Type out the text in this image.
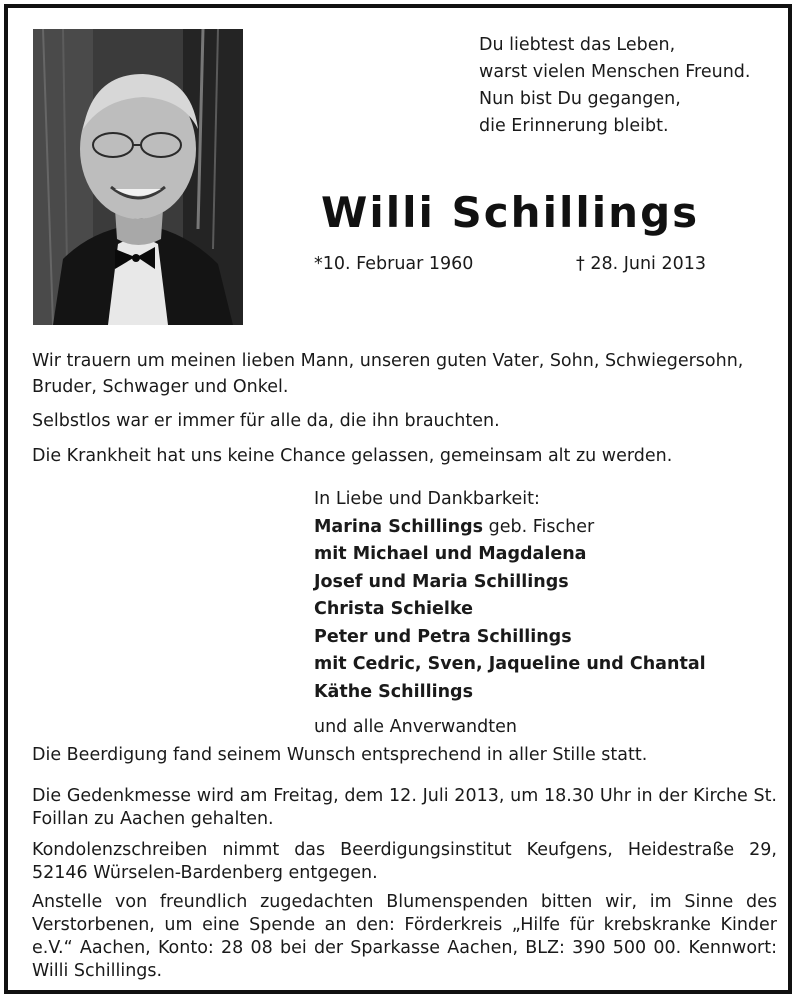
Du liebtest das Leben,
warst vielen Menschen Freund.
Nun bist Du gegangen,
die Erinnerung bleibt.
Willi Schillings
*10. Februar 1960	† 28. Juni 2013
Wir trauern um meinen lieben Mann, unseren guten Vater, Sohn, Schwiegersohn, Bruder, Schwager und Onkel.
Selbstlos war er immer für alle da, die ihn brauchten.
Die Krankheit hat uns keine Chance gelassen, gemeinsam alt zu werden.
In Liebe und Dankbarkeit:
Marina Schillings geb. Fischer
mit Michael und Magdalena
Josef und Maria Schillings
Christa Schielke
Peter und Petra Schillings
mit Cedric, Sven, Jaqueline und Chantal
Käthe Schillings
und alle Anverwandten
Die Beerdigung fand seinem Wunsch entsprechend in aller Stille statt.
Die Gedenkmesse wird am Freitag, dem 12. Juli 2013, um 18.30 Uhr in der Kirche St. Foillan zu Aachen gehalten.
Kondolenzschreiben nimmt das Beerdigungsinstitut Keufgens, Heidestraße 29, 52146 Würselen-Bardenberg entgegen.
Anstelle von freundlich zugedachten Blumenspenden bitten wir, im Sinne des Verstorbenen, um eine Spende an den: Förderkreis „Hilfe für krebskranke Kinder e.V.“ Aachen, Konto: 28 08 bei der Sparkasse Aachen, BLZ: 390 500 00. Kennwort: Willi Schillings.
